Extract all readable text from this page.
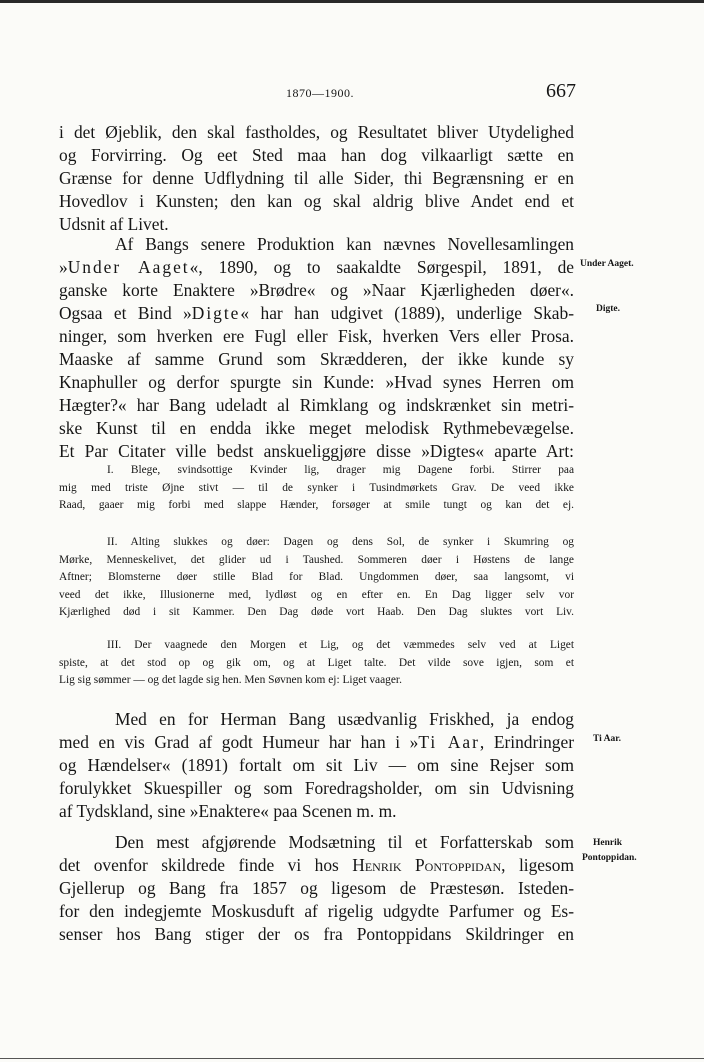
1870—1900.	667
i det Øjeblik, den skal fastholdes, og Resultatet bliver Utydelighed
og Forvirring. Og eet Sted maa han dog vilkaarligt sætte en
Grænse for denne Udflydning til alle Sider, thi Begrænsning er en
Hovedlov i Kunsten; den kan og skal aldrig blive Andet end et
Udsnit af Livet.
Af Bangs senere Produktion kan nævnes Novellesamlingen
»Under Aaget«, 1890, og to saakaldte Sørgespil, 1891, de
ganske korte Enaktere »Brødre« og »Naar Kjærligheden døer«.
Ogsaa et Bind »Digte« har han udgivet (1889), underlige Skab-
ninger, som hverken ere Fugl eller Fisk, hverken Vers eller Prosa.
Maaske af samme Grund som Skrædderen, der ikke kunde sy
Knaphuller og derfor spurgte sin Kunde: »Hvad synes Herren om
Hægter?« har Bang udeladt al Rimklang og indskrænket sin metri-
ske Kunst til en endda ikke meget melodisk Rythmebevægelse.
Et Par Citater ville bedst anskueliggjøre disse »Digtes« aparte Art:
I. Blege, svindsottige Kvinder lig, drager mig Dagene forbi. Stirrer paa
mig med triste Øjne stivt — til de synker i Tusindmørkets Grav. De veed ikke
Raad, gaaer mig forbi med slappe Hænder, forsøger at smile tungt og kan det ej.
II. Alting slukkes og døer: Dagen og dens Sol, de synker i Skumring og
Mørke, Menneskelivet, det glider ud i Taushed. Sommeren døer i Høstens de lange
Aftner; Blomsterne døer stille Blad for Blad. Ungdommen døer, saa langsomt, vi
veed det ikke, Illusionerne med, lydløst og en efter en. En Dag ligger selv vor
Kjærlighed død i sit Kammer. Den Dag døde vort Haab. Den Dag sluktes vort Liv.
III. Der vaagnede den Morgen et Lig, og det væmmedes selv ved at Liget
spiste, at det stod op og gik om, og at Liget talte. Det vilde sove igjen, som et
Lig sig sømmer — og det lagde sig hen. Men Søvnen kom ej: Liget vaager.
Med en for Herman Bang usædvanlig Friskhed, ja endog
med en vis Grad af godt Humeur har han i »Ti Aar, Erindringer
og Hændelser« (1891) fortalt om sit Liv — om sine Rejser som
forulykket Skuespiller og som Foredragsholder, om sin Udvisning
af Tydskland, sine »Enaktere« paa Scenen m. m.
Den mest afgjørende Modsætning til et Forfatterskab som
det ovenfor skildrede finde vi hos Henrik Pontoppidan, ligesom
Gjellerup og Bang fra 1857 og ligesom de Præstesøn. Isteden-
for den indegjemte Moskusduft af rigelig udgydte Parfumer og Es-
senser hos Bang stiger der os fra Pontoppidans Skildringer en
Under Aaget.
Digte.
Ti Aar.
Henrik
Pontoppidan.
